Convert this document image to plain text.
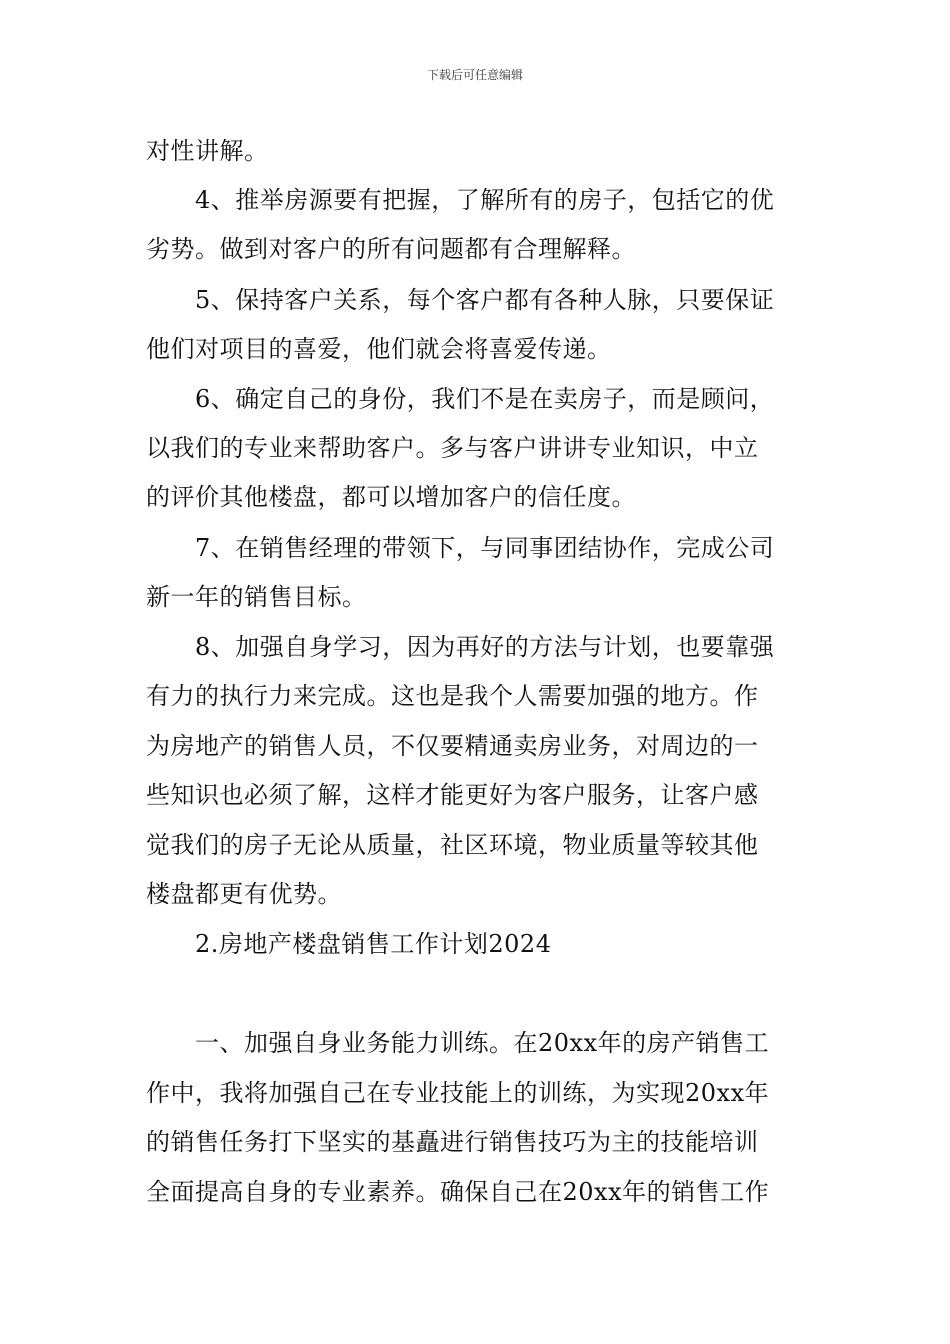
下载后可任意编辑
对性讲解。
4、推举房源要有把握，了解所有的房子，包括它的优
劣势。做到对客户的所有问题都有合理解释。
5、保持客户关系，每个客户都有各种人脉，只要保证
他们对项目的喜爱，他们就会将喜爱传递。
6、确定自己的身份，我们不是在卖房子，而是顾问，
以我们的专业来帮助客户。多与客户讲讲专业知识，中立
的评价其他楼盘，都可以增加客户的信任度。
7、在销售经理的带领下，与同事团结协作，完成公司
新一年的销售目标。
8、加强自身学习，因为再好的方法与计划，也要靠强
有力的执行力来完成。这也是我个人需要加强的地方。作
为房地产的销售人员，不仅要精通卖房业务，对周边的一
些知识也必须了解，这样才能更好为客户服务，让客户感
觉我们的房子无论从质量，社区环境，物业质量等较其他
楼盘都更有优势。
2.房地产楼盘销售工作计划2024
一、加强自身业务能力训练。在20xx年的房产销售工
作中，我将加强自己在专业技能上的训练，为实现20xx年
的销售任务打下坚实的基矗进行销售技巧为主的技能培训
全面提高自身的专业素养。确保自己在20xx年的销售工作
